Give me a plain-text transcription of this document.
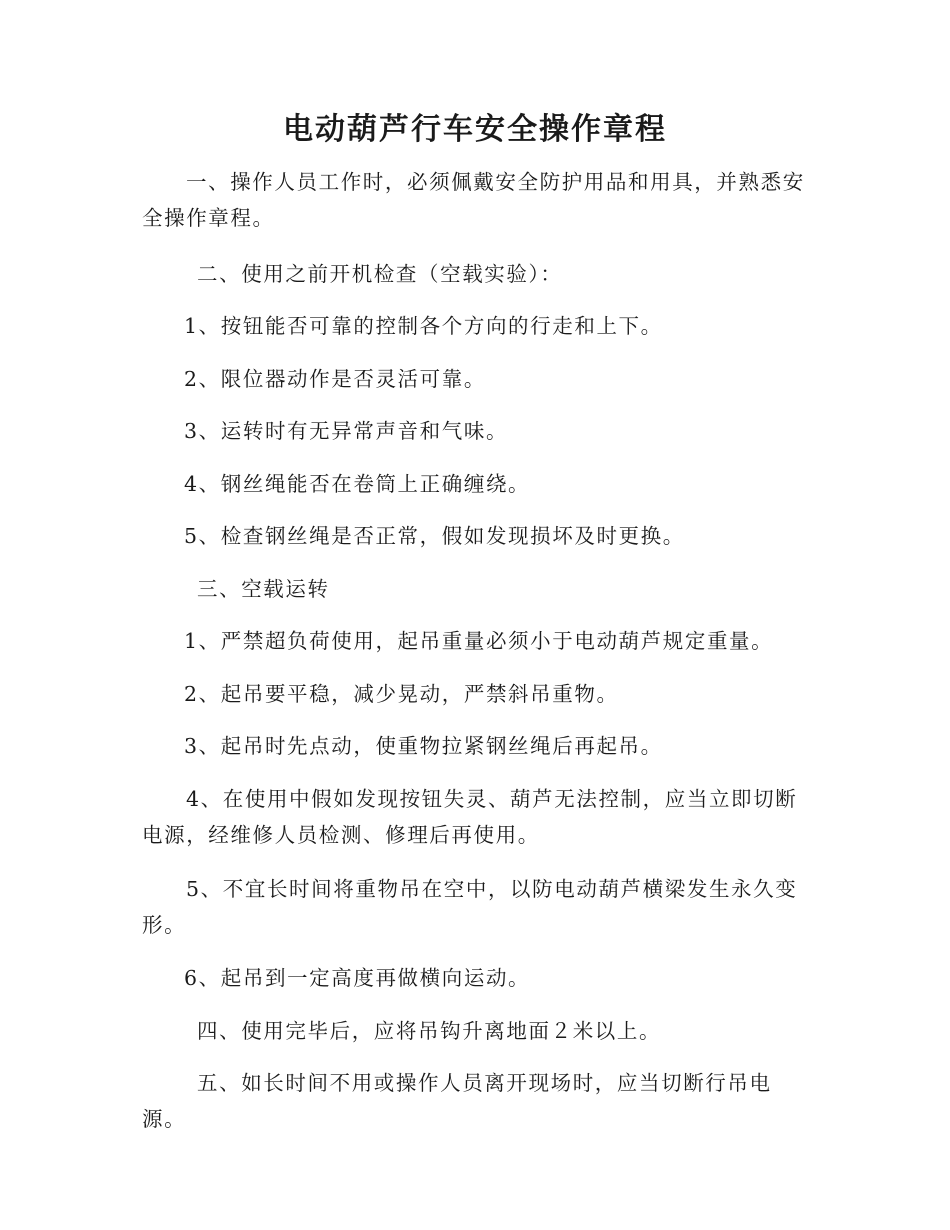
电动葫芦行车安全操作章程

一、操作人员工作时，必须佩戴安全防护用品和用具，并熟悉安全操作章程。

二、使用之前开机检查（空载实验）：

1、按钮能否可靠的控制各个方向的行走和上下。

2、限位器动作是否灵活可靠。

3、运转时有无异常声音和气味。

4、钢丝绳能否在卷筒上正确缠绕。

5、检查钢丝绳是否正常，假如发现损坏及时更换。

三、空载运转

1、严禁超负荷使用，起吊重量必须小于电动葫芦规定重量。

2、起吊要平稳，减少晃动，严禁斜吊重物。

3、起吊时先点动，使重物拉紧钢丝绳后再起吊。

4、在使用中假如发现按钮失灵、葫芦无法控制，应当立即切断电源，经维修人员检测、修理后再使用。

5、不宜长时间将重物吊在空中，以防电动葫芦横梁发生永久变形。

6、起吊到一定高度再做横向运动。

四、使用完毕后，应将吊钩升离地面２米以上。

五、如长时间不用或操作人员离开现场时，应当切断行吊电源。
